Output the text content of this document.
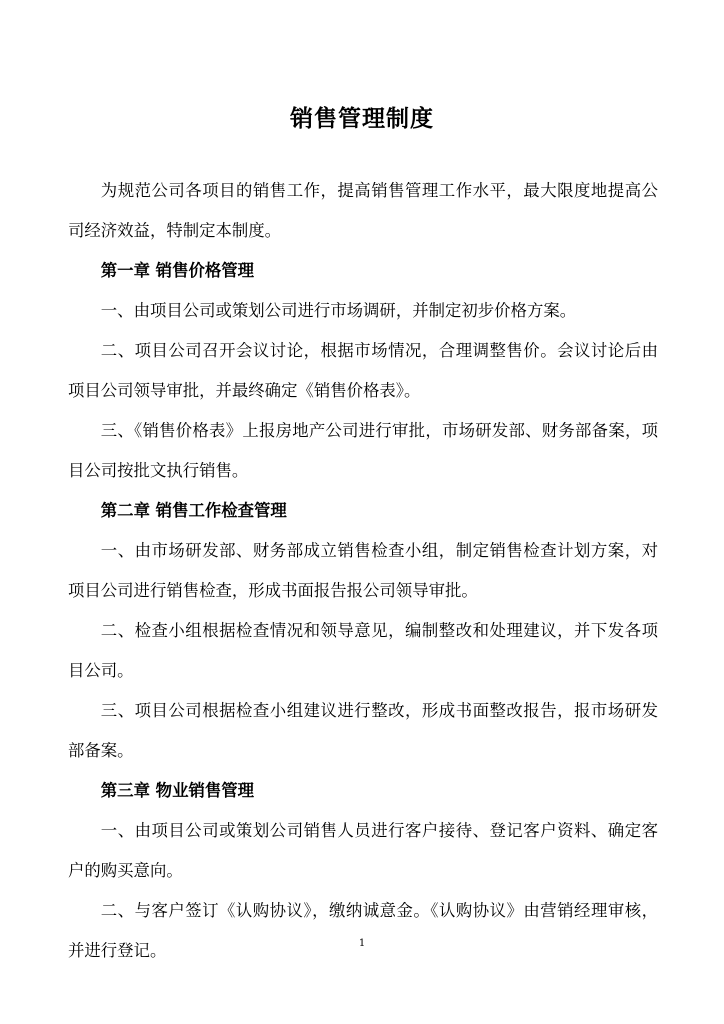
销售管理制度

为规范公司各项目的销售工作，提高销售管理工作水平，最大限度地提高公司经济效益，特制定本制度。

第一章 销售价格管理

一、由项目公司或策划公司进行市场调研，并制定初步价格方案。

二、项目公司召开会议讨论，根据市场情况，合理调整售价。会议讨论后由项目公司领导审批，并最终确定《销售价格表》。

三、《销售价格表》上报房地产公司进行审批，市场研发部、财务部备案，项目公司按批文执行销售。

第二章 销售工作检查管理

一、由市场研发部、财务部成立销售检查小组，制定销售检查计划方案，对项目公司进行销售检查，形成书面报告报公司领导审批。

二、检查小组根据检查情况和领导意见，编制整改和处理建议，并下发各项目公司。

三、项目公司根据检查小组建议进行整改，形成书面整改报告，报市场研发部备案。

第三章 物业销售管理

一、由项目公司或策划公司销售人员进行客户接待、登记客户资料、确定客户的购买意向。

二、与客户签订《认购协议》，缴纳诚意金。《认购协议》由营销经理审核，并进行登记。	1
